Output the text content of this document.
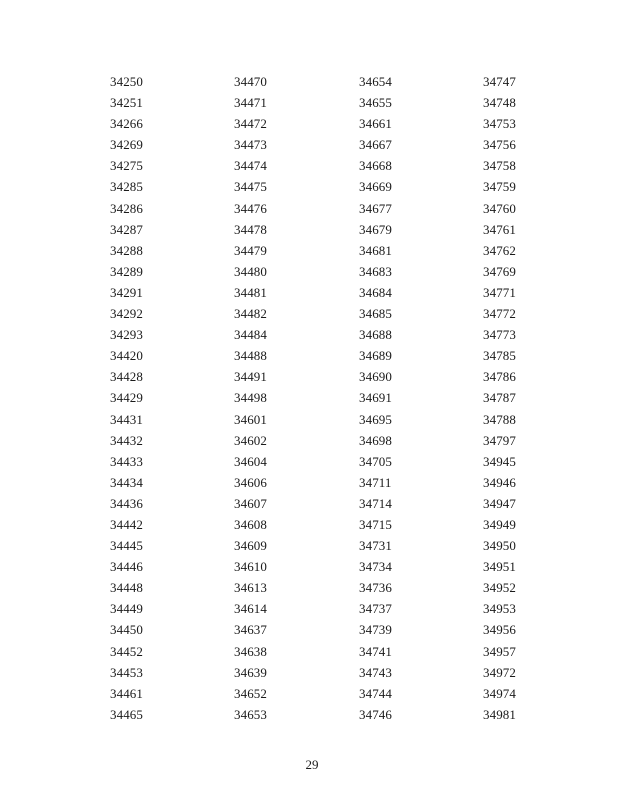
34250
34251
34266
34269
34275
34285
34286
34287
34288
34289
34291
34292
34293
34420
34428
34429
34431
34432
34433
34434
34436
34442
34445
34446
34448
34449
34450
34452
34453
34461
34465
34470
34471
34472
34473
34474
34475
34476
34478
34479
34480
34481
34482
34484
34488
34491
34498
34601
34602
34604
34606
34607
34608
34609
34610
34613
34614
34637
34638
34639
34652
34653
34654
34655
34661
34667
34668
34669
34677
34679
34681
34683
34684
34685
34688
34689
34690
34691
34695
34698
34705
34711
34714
34715
34731
34734
34736
34737
34739
34741
34743
34744
34746
34747
34748
34753
34756
34758
34759
34760
34761
34762
34769
34771
34772
34773
34785
34786
34787
34788
34797
34945
34946
34947
34949
34950
34951
34952
34953
34956
34957
34972
34974
34981
29
